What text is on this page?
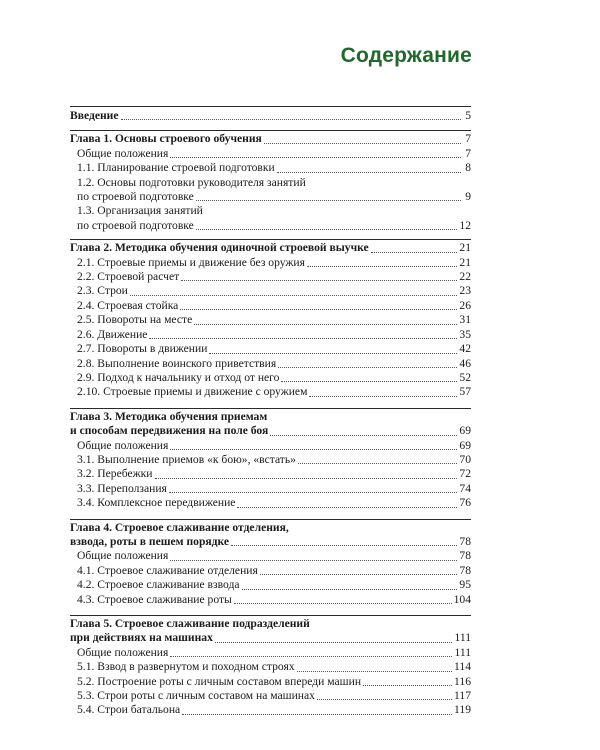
Содержание
Введение	5
Глава 1. Основы строевого обучения	7
Общие положения	7
1.1. Планирование строевой подготовки	8
1.2. Основы подготовки руководителя занятий
по строевой подготовке	9
1.3. Организация занятий
по строевой подготовке	12
Глава 2. Методика обучения одиночной строевой выучке	21
2.1. Строевые приемы и движение без оружия	21
2.2. Строевой расчет	22
2.3. Строи	23
2.4. Строевая стойка	26
2.5. Повороты на месте	31
2.6. Движение	35
2.7. Повороты в движении	42
2.8. Выполнение воинского приветствия	46
2.9. Подход к начальнику и отход от него	52
2.10. Строевые приемы и движение с оружием	57
Глава 3. Методика обучения приемам
и способам передвижения на поле боя	69
Общие положения	69
3.1. Выполнение приемов «к бою», «встать»	70
3.2. Перебежки	72
3.3. Переползания	74
3.4. Комплексное передвижение	76
Глава 4. Строевое слаживание отделения,
взвода, роты в пешем порядке	78
Общие положения	78
4.1. Строевое слаживание отделения	78
4.2. Строевое слаживание взвода	95
4.3. Строевое слаживание роты	104
Глава 5. Строевое слаживание подразделений
при действиях на машинах	111
Общие положения	111
5.1. Взвод в развернутом и походном строях	114
5.2. Построение роты с личным составом впереди машин	116
5.3. Строи роты с личным составом на машинах	117
5.4. Строи батальона	119
